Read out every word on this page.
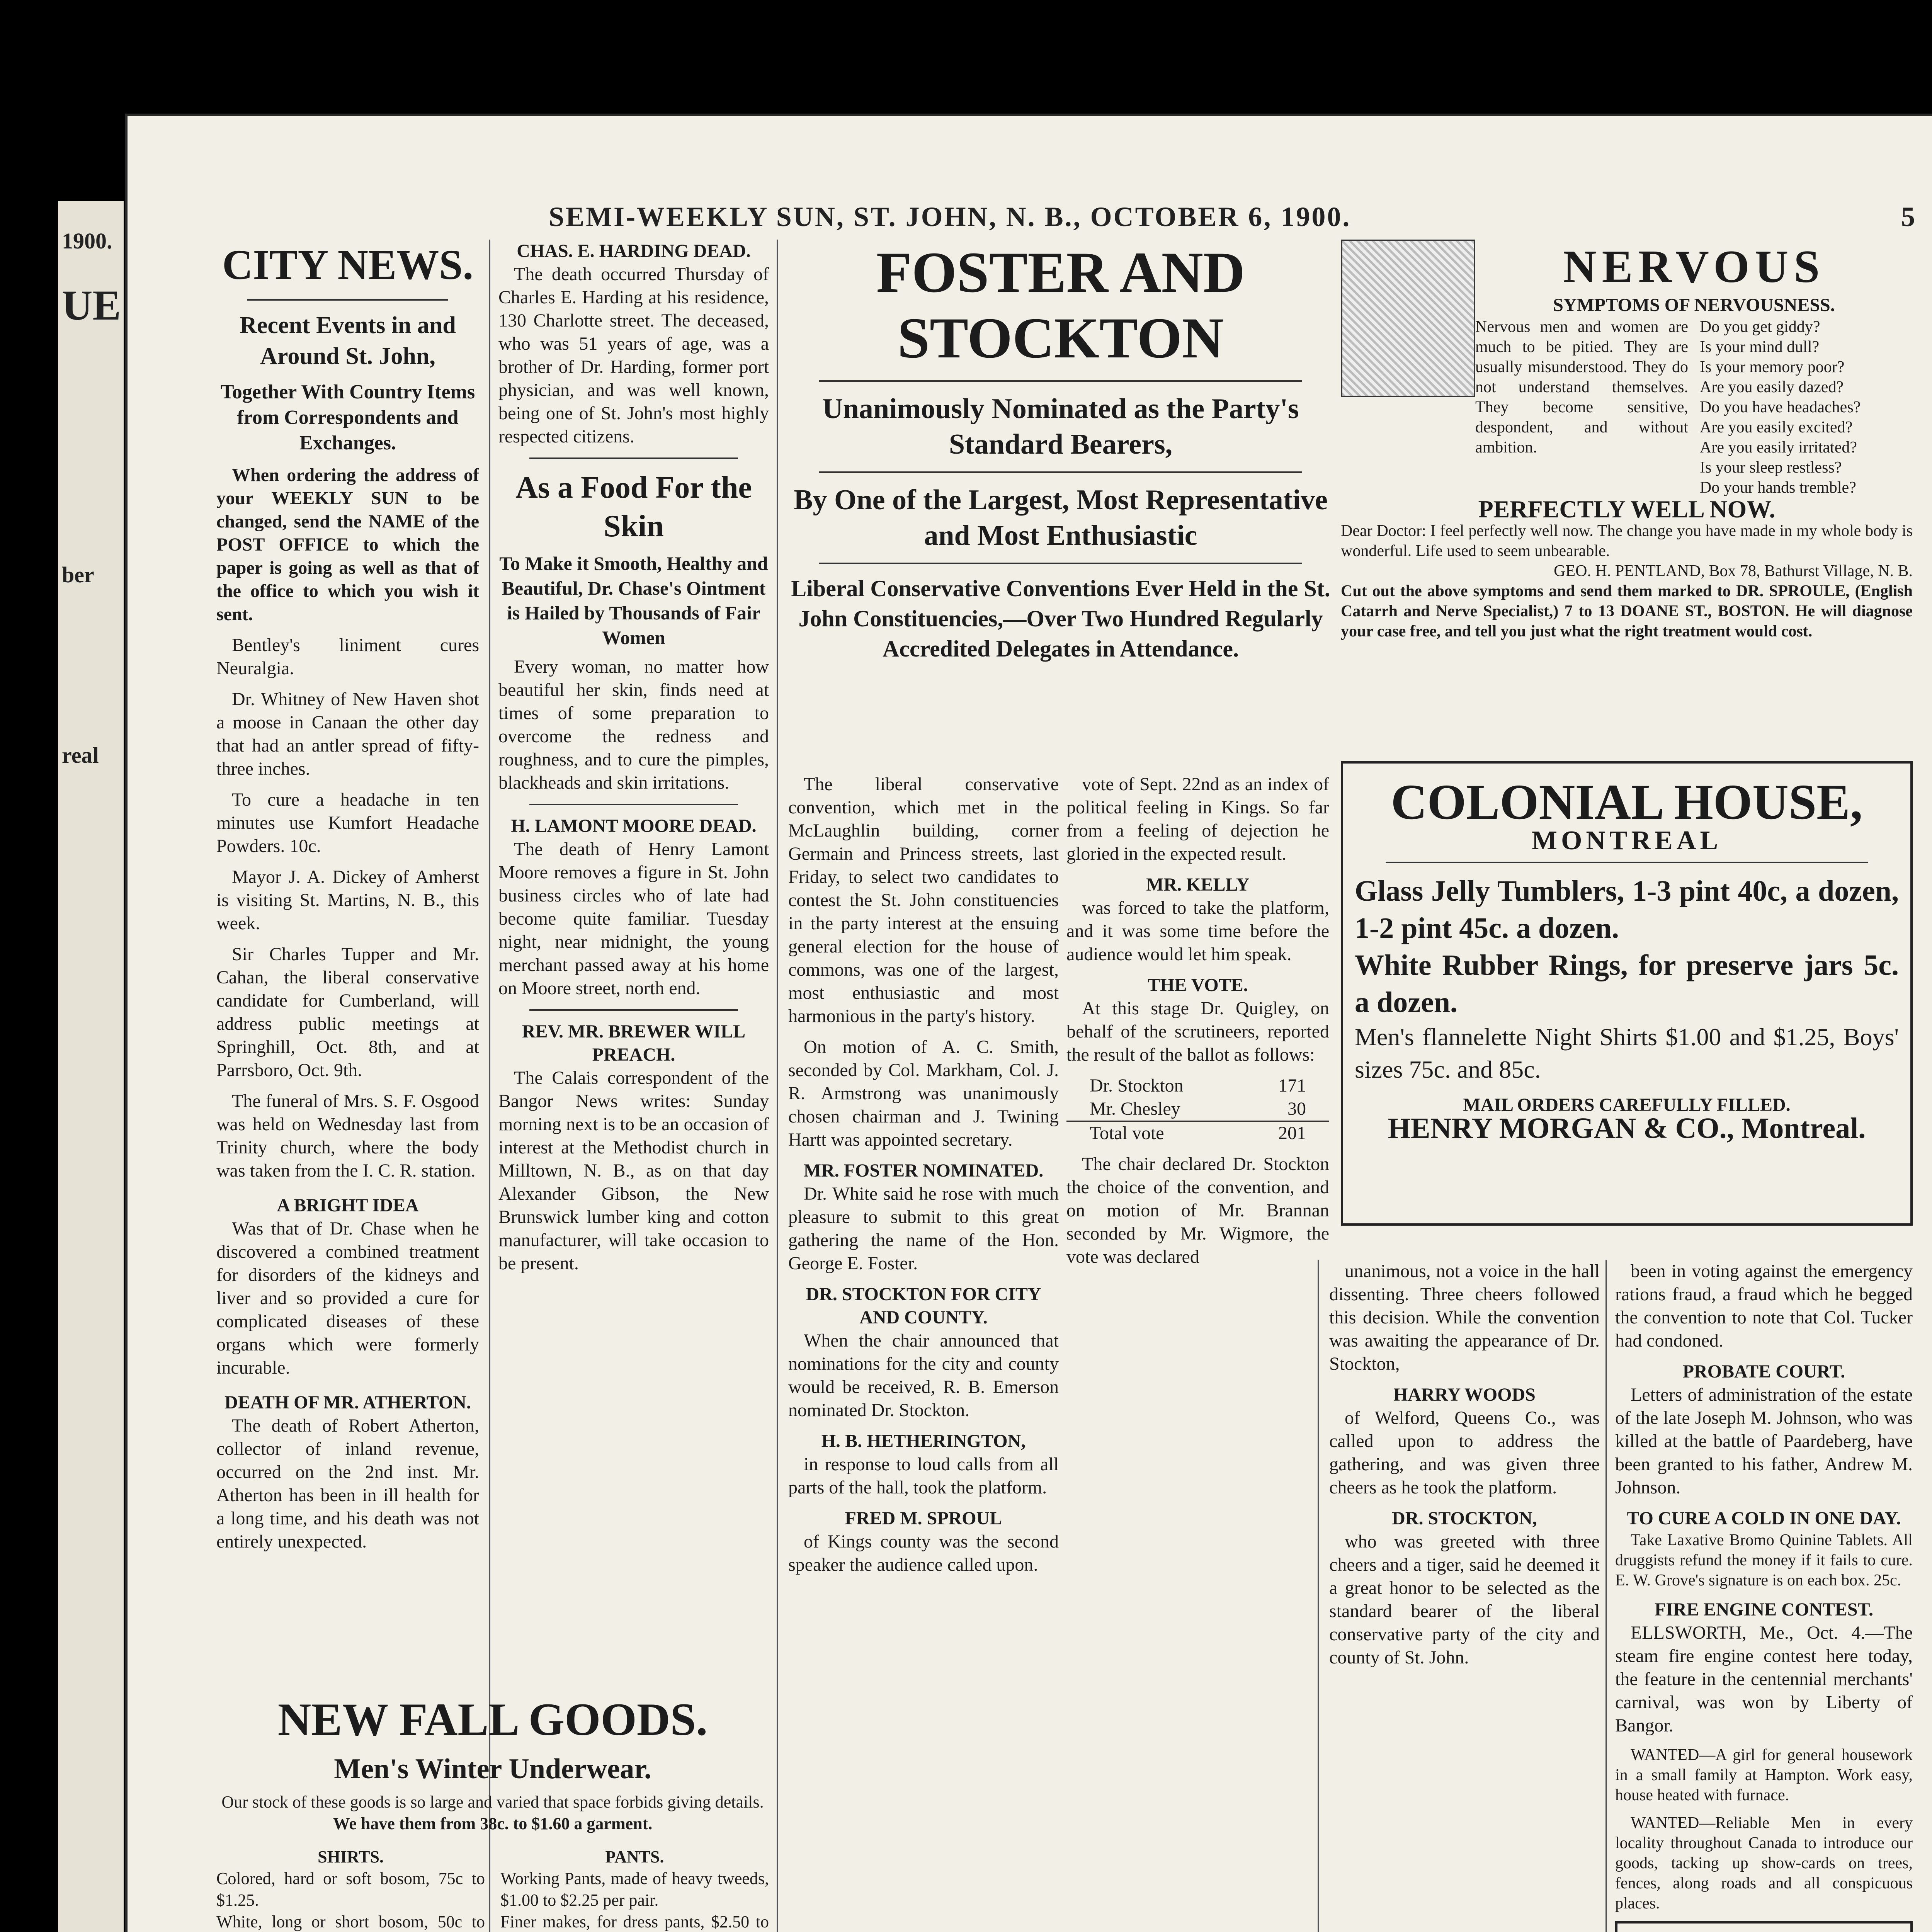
1900.
UE
ber
real
SEMI-WEEKLY SUN, ST. JOHN, N. B., OCTOBER 6, 1900.	5
CITY NEWS.
Recent Events in and Around St. John,
Together With Country Items from Correspondents and Exchanges.
When ordering the address of your WEEKLY SUN to be changed, send the NAME of the POST OFFICE to which the paper is going as well as that of the office to which you wish it sent.
Bentley's liniment cures Neuralgia.
Dr. Whitney of New Haven shot a moose in Canaan the other day that had an antler spread of fifty-three inches.
To cure a headache in ten minutes use Kumfort Headache Powders. 10c.
Mayor J. A. Dickey of Amherst is visiting St. Martins, N. B., this week.
Sir Charles Tupper and Mr. Cahan, the liberal conservative candidate for Cumberland, will address public meetings at Springhill, Oct. 8th, and at Parrsboro, Oct. 9th.
The funeral of Mrs. S. F. Osgood was held on Wednesday last from Trinity church, where the body was taken from the I. C. R. station.
A BRIGHT IDEA
Was that of Dr. Chase when he discovered a combined treatment for disorders of the kidneys and liver and so provided a cure for complicated diseases of these organs which were formerly incurable.
DEATH OF MR. ATHERTON.
The death of Robert Atherton, collector of inland revenue, occurred on the 2nd inst. Mr. Atherton has been in ill health for a long time, and his death was not entirely unexpected.
CHAS. E. HARDING DEAD.
The death occurred Thursday of Charles E. Harding at his residence, 130 Charlotte street. The deceased, who was 51 years of age, was a brother of Dr. Harding, former port physician, and was well known, being one of St. John's most highly respected citizens.
As a Food For the Skin
To Make it Smooth, Healthy and Beautiful, Dr. Chase's Ointment is Hailed by Thousands of Fair Women
Every woman, no matter how beautiful her skin, finds need at times of some preparation to overcome the redness and roughness, and to cure the pimples, blackheads and skin irritations.
H. LAMONT MOORE DEAD.
The death of Henry Lamont Moore removes a figure in St. John business circles who of late had become quite familiar. Tuesday night, near midnight, the young merchant passed away at his home on Moore street, north end.
REV. MR. BREWER WILL PREACH.
The Calais correspondent of the Bangor News writes: Sunday morning next is to be an occasion of interest at the Methodist church in Milltown, N. B., as on that day Alexander Gibson, the New Brunswick lumber king and cotton manufacturer, will take occasion to be present.
NEW FALL GOODS.
Men's Winter Underwear.
Our stock of these goods is so large and varied that space forbids giving details.
We have them from 38c. to $1.60 a garment.
SHIRTS.
Colored, hard or soft bosom, 75c to $1.25.
White, long or short bosom, 50c to
PANTS.
Working Pants, made of heavy tweeds, $1.00 to $2.25 per pair.
Finer makes, for dress pants, $2.50 to
FOSTER AND STOCKTON
Unanimously Nominated as the Party's Standard Bearers,
By One of the Largest, Most Representative and Most Enthusiastic
Liberal Conservative Conventions Ever Held in the St. John Constituencies,—Over Two Hundred Regularly Accredited Delegates in Attendance.
The liberal conservative convention, which met in the McLaughlin building, corner Germain and Princess streets, last Friday, to select two candidates to contest the St. John constituencies in the party interest at the ensuing general election for the house of commons, was one of the largest, most enthusiastic and most harmonious in the party's history.
On motion of A. C. Smith, seconded by Col. Markham, Col. J. R. Armstrong was unanimously chosen chairman and J. Twining Hartt was appointed secretary.
MR. FOSTER NOMINATED.
Dr. White said he rose with much pleasure to submit to this great gathering the name of the Hon. George E. Foster.
DR. STOCKTON FOR CITY AND COUNTY.
When the chair announced that nominations for the city and county would be received, R. B. Emerson nominated Dr. Stockton.
H. B. HETHERINGTON,
in response to loud calls from all parts of the hall, took the platform.
FRED M. SPROUL
of Kings county was the second speaker the audience called upon.
vote of Sept. 22nd as an index of political feeling in Kings. So far from a feeling of dejection he gloried in the expected result.
MR. KELLY
was forced to take the platform, and it was some time before the audience would let him speak.
THE VOTE.
At this stage Dr. Quigley, on behalf of the scrutineers, reported the result of the ballot as follows:
Dr. Stockton	171
Mr. Chesley	30
Total vote	201
The chair declared Dr. Stockton the choice of the convention, and on motion of Mr. Brannan seconded by Mr. Wigmore, the vote was declared
NERVOUS
SYMPTOMS OF NERVOUSNESS.
Nervous men and women are much to be pitied. They are usually misunderstood. They do not understand themselves. They become sensitive, despondent, and without ambition.
Do you get giddy?
Is your mind dull?
Is your memory poor?
Are you easily dazed?
Do you have headaches?
Are you easily excited?
Are you easily irritated?
Is your sleep restless?
Do your hands tremble?
PERFECTLY WELL NOW.
Dear Doctor: I feel perfectly well now. The change you have made in my whole body is wonderful. Life used to seem unbearable.
GEO. H. PENTLAND, Box 78, Bathurst Village, N. B.
Cut out the above symptoms and send them marked to DR. SPROULE, (English Catarrh and Nerve Specialist,) 7 to 13 DOANE ST., BOSTON. He will diagnose your case free, and tell you just what the right treatment would cost.
COLONIAL HOUSE,
MONTREAL
Glass Jelly Tumblers, 1-3 pint 40c, a dozen, 1-2 pint 45c. a dozen.
White Rubber Rings, for preserve jars 5c. a dozen.
Men's flannelette Night Shirts $1.00 and $1.25, Boys' sizes 75c. and 85c.
MAIL ORDERS CAREFULLY FILLED.
HENRY MORGAN & CO., Montreal.
unanimous, not a voice in the hall dissenting. Three cheers followed this decision. While the convention was awaiting the appearance of Dr. Stockton,
HARRY WOODS
of Welford, Queens Co., was called upon to address the gathering, and was given three cheers as he took the platform.
DR. STOCKTON,
who was greeted with three cheers and a tiger, said he deemed it a great honor to be selected as the standard bearer of the liberal conservative party of the city and county of St. John.
been in voting against the emergency rations fraud, a fraud which he begged the convention to note that Col. Tucker had condoned.
PROBATE COURT.
Letters of administration of the estate of the late Joseph M. Johnson, who was killed at the battle of Paardeberg, have been granted to his father, Andrew M. Johnson.
TO CURE A COLD IN ONE DAY.
Take Laxative Bromo Quinine Tablets. All druggists refund the money if it fails to cure. E. W. Grove's signature is on each box. 25c.
FIRE ENGINE CONTEST.
ELLSWORTH, Me., Oct. 4.—The steam fire engine contest here today, the feature in the centennial merchants' carnival, was won by Liberty of Bangor.
WANTED—A girl for general housework in a small family at Hampton. Work easy, house heated with furnace.
WANTED—Reliable Men in every locality throughout Canada to introduce our goods, tacking up show-cards on trees, fences, along roads and all conspicuous places.
